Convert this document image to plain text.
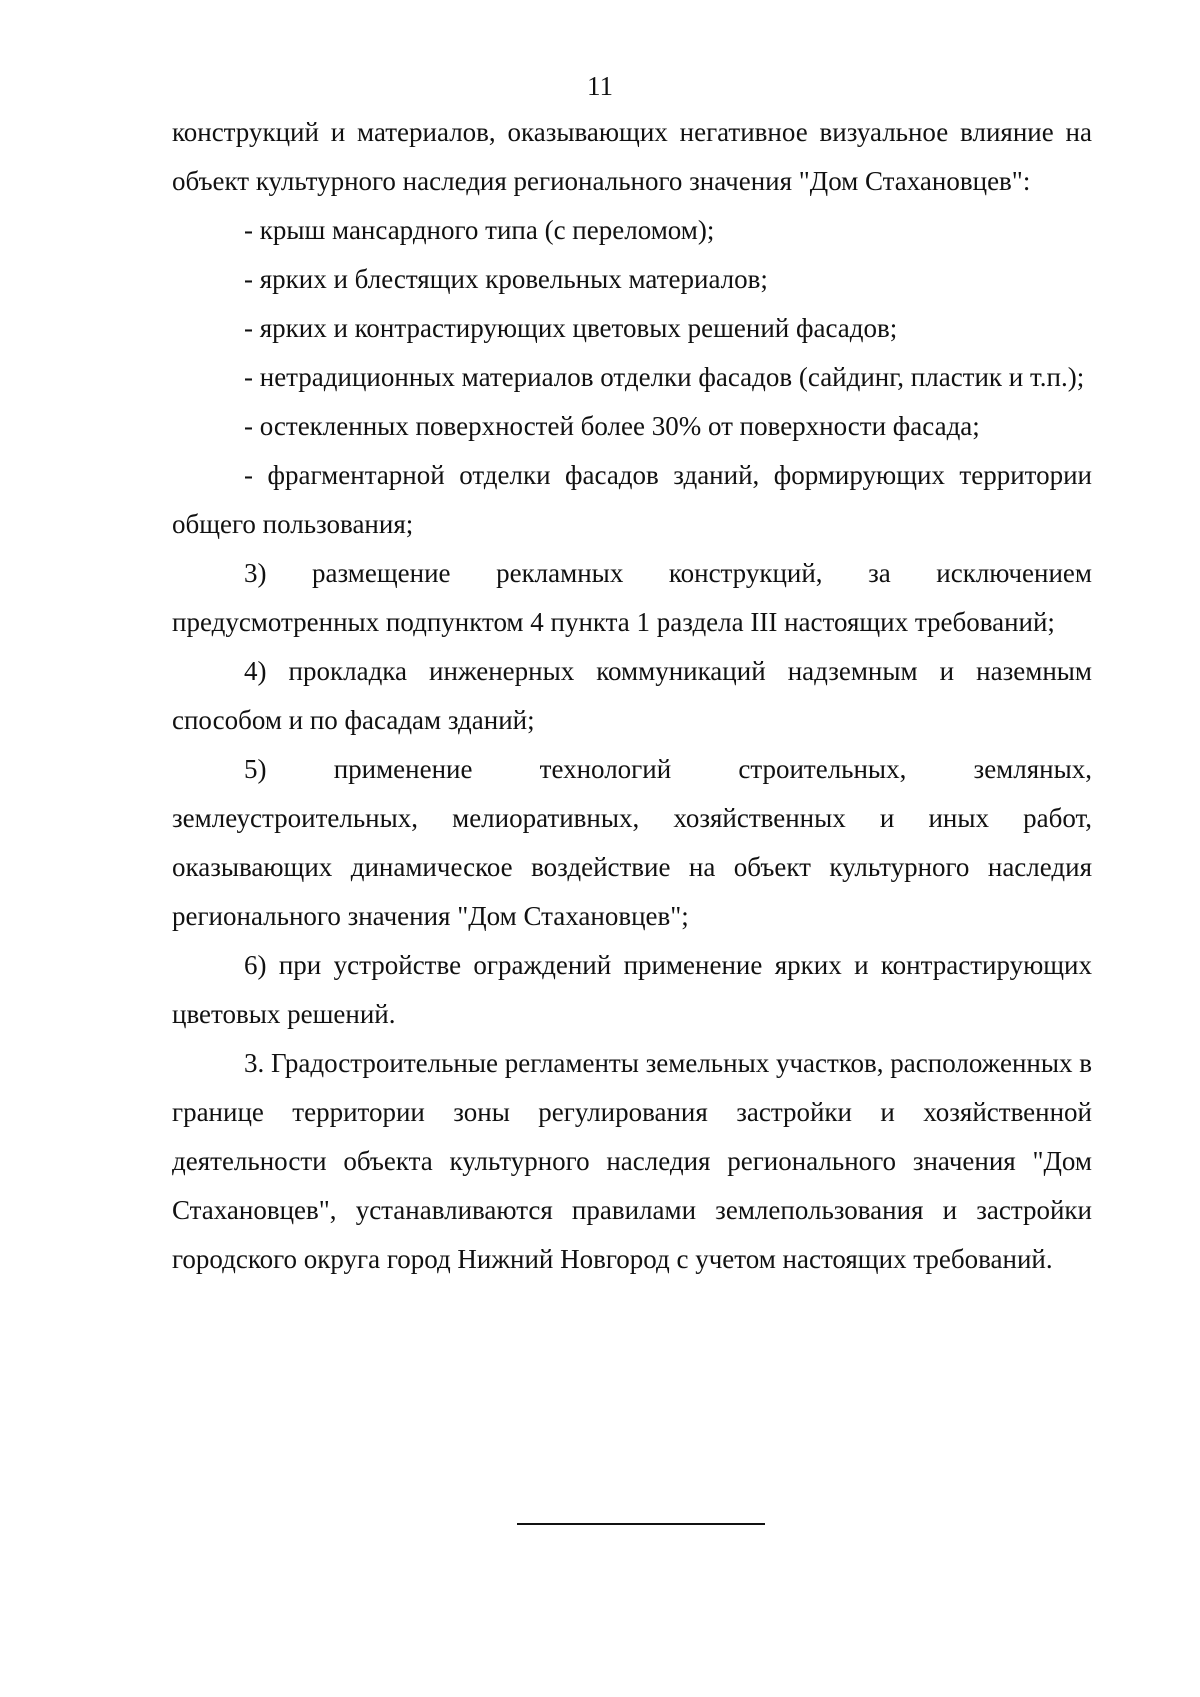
11

конструкций и материалов, оказывающих негативное визуальное влияние на объект культурного наследия регионального значения "Дом Стахановцев":

- крыш мансардного типа (с переломом);

- ярких и блестящих кровельных материалов;

- ярких и контрастирующих цветовых решений фасадов;

- нетрадиционных материалов отделки фасадов (сайдинг, пластик и т.п.);

- остекленных поверхностей более 30% от поверхности фасада;

- фрагментарной отделки фасадов зданий, формирующих территории общего пользования;

3) размещение рекламных конструкций, за исключением предусмотренных подпунктом 4 пункта 1 раздела III настоящих требований;

4) прокладка инженерных коммуникаций надземным и наземным способом и по фасадам зданий;

5) применение технологий строительных, земляных, землеустроительных, мелиоративных, хозяйственных и иных работ, оказывающих динамическое воздействие на объект культурного наследия регионального значения "Дом Стахановцев";

6) при устройстве ограждений применение ярких и контрастирующих цветовых решений.

3. Градостроительные регламенты земельных участков, расположенных в границе территории зоны регулирования застройки и хозяйственной деятельности объекта культурного наследия регионального значения "Дом Стахановцев", устанавливаются правилами землепользования и застройки городского округа город Нижний Новгород с учетом настоящих требований.
